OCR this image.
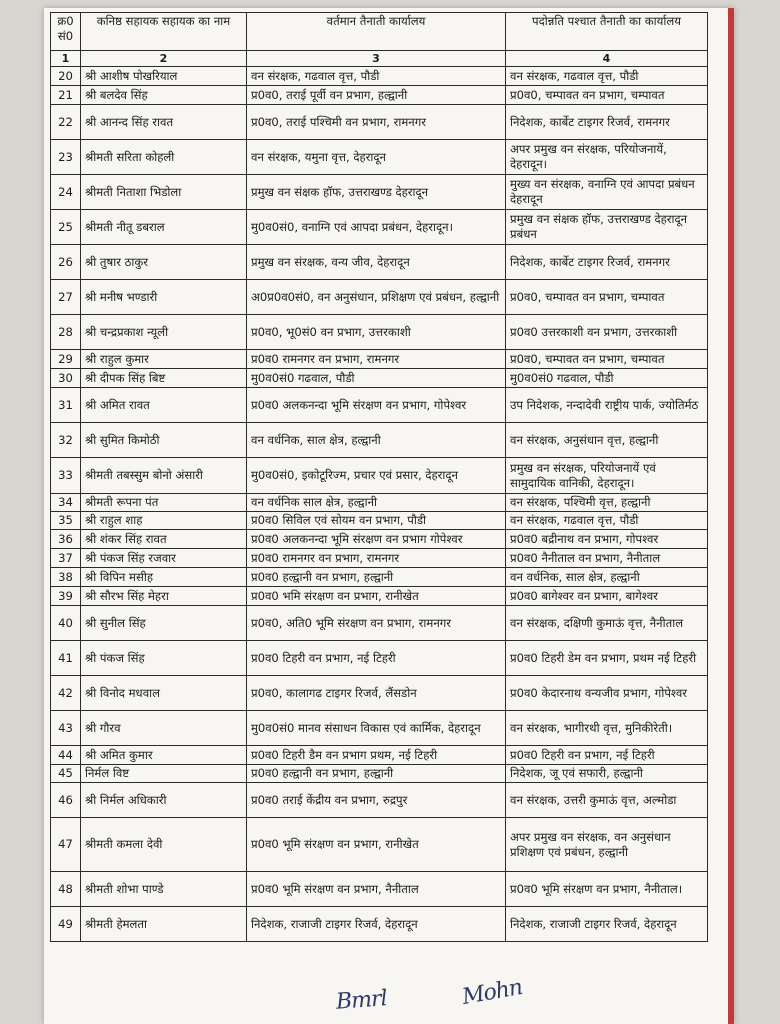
क्र0 सं0	कनिष्ठ सहायक सहायक का नाम	वर्तमान तैनाती कार्यालय	पदोन्नति पश्चात तैनाती का कार्यालय
1	2	3	4
20	श्री आशीष पोखरियाल	वन संरक्षक, गढवाल वृत्त, पौडी	वन संरक्षक, गढवाल वृत्त, पौडी
21	श्री बलदेव सिंह	प्र0व0, तराई पूर्वी वन प्रभाग, हल्द्वानी	प्र0व0, चम्पावत वन प्रभाग, चम्पावत
22	श्री आनन्द सिंह रावत	प्र0व0, तराई पश्चिमी वन प्रभाग, रामनगर	निदेशक, कार्बेट टाइगर रिजर्व, रामनगर
23	श्रीमती सरिता कोहली	वन संरक्षक, यमुना वृत्त, देहरादून	अपर प्रमुख वन संरक्षक, परियोजनायें, देहरादून।
24	श्रीमती निताशा भिडोला	प्रमुख वन संक्षक हॉफ, उत्तराखण्ड देहरादून	मुख्य वन संरक्षक, वनाग्नि एवं आपदा प्रबंधन देहरादून
25	श्रीमती नीतू डबराल	मु0व0सं0, वनाग्नि एवं आपदा प्रबंधन, देहरादून।	प्रमुख वन संक्षक हॉफ, उत्तराखण्ड देहरादून प्रबंधन
26	श्री तुषार ठाकुर	प्रमुख वन संरक्षक, वन्य जीव, देहरादून	निदेशक, कार्बेट टाइगर रिजर्व, रामनगर
27	श्री मनीष भण्डारी	अ0प्र0व0सं0, वन अनुसंधान, प्रशिक्षण एवं प्रबंधन, हल्द्वानी	प्र0व0, चम्पावत वन प्रभाग, चम्पावत
28	श्री चन्द्रप्रकाश न्यूली	प्र0व0, भू0सं0 वन प्रभाग, उत्तरकाशी	प्र0व0 उत्तरकाशी वन प्रभाग, उत्तरकाशी
29	श्री राहुल कुमार	प्र0व0 रामनगर वन प्रभाग, रामनगर	प्र0व0, चम्पावत वन प्रभाग, चम्पावत
30	श्री दीपक सिंह बिष्ट	मु0व0सं0 गढवाल, पौडी	मु0व0सं0 गढवाल, पौडी
31	श्री अमित रावत	प्र0व0 अलकनन्दा भूमि संरक्षण वन प्रभाग, गोपेश्वर	उप निदेशक, नन्दादेवी राष्ट्रीय पार्क, ज्योतिर्मठ
32	श्री सुमित किमोठी	वन वर्धनिक, साल क्षेत्र, हल्द्वानी	वन संरक्षक, अनुसंधान वृत्त, हल्द्वानी
33	श्रीमती तबस्सुम बोनो अंसारी	मु0व0सं0, इकोटूरिज्म, प्रचार एवं प्रसार, देहरादून	प्रमुख वन संरक्षक, परियोजनायें एवं सामुदायिक वानिकी, देहरादून।
34	श्रीमती रूपना पंत	वन वर्धनिक साल क्षेत्र, हल्द्वानी	वन संरक्षक, पश्चिमी वृत्त, हल्द्वानी
35	श्री राहुल शाह	प्र0व0 सिविल एवं सोयम वन प्रभाग, पौडी	वन संरक्षक, गढवाल वृत्त, पौडी
36	श्री शंकर सिंह रावत	प्र0व0 अलकनन्दा भूमि संरक्षण वन प्रभाग गोपेश्वर	प्र0व0 बद्रीनाथ वन प्रभाग, गोपश्वर
37	श्री पंकज सिंह रजवार	प्र0व0 रामनगर वन प्रभाग, रामनगर	प्र0व0 नैनीताल वन प्रभाग, नैनीताल
38	श्री विपिन मसीह	प्र0व0 हल्द्वानी वन प्रभाग, हल्द्वानी	वन वर्धनिक, साल क्षेत्र, हल्द्वानी
39	श्री सौरभ सिंह मेहरा	प्र0व0 भमि संरक्षण वन प्रभाग, रानीखेत	प्र0व0 बागेश्वर वन प्रभाग, बागेश्वर
40	श्री सुनील सिंह	प्र0व0, अति0 भूमि संरक्षण वन प्रभाग, रामनगर	वन संरक्षक, दक्षिणी कुमाऊं वृत्त, नैनीताल
41	श्री पंकज सिंह	प्र0व0 टिहरी वन प्रभाग, नई टिहरी	प्र0व0 टिहरी डेम वन प्रभाग, प्रथम नई टिहरी
42	श्री विनोद मधवाल	प्र0व0, कालागढ टाइगर रिजर्व, लैंसडोन	प्र0व0 केदारनाथ वन्यजीव प्रभाग, गोपेश्वर
43	श्री गौरव	मु0व0सं0 मानव संसाधन विकास एवं कार्मिक, देहरादून	वन संरक्षक, भागीरथी वृत्त, मुनिकीरेती।
44	श्री अमित कुमार	प्र0व0 टिहरी डैम वन प्रभाग प्रथम, नई टिहरी	प्र0व0 टिहरी वन प्रभाग, नई टिहरी
45	निर्मल विष्ट	प्र0व0 हल्द्वानी वन प्रभाग, हल्द्वानी	निदेशक, जू एवं सफारी, हल्द्वानी
46	श्री निर्मल अधिकारी	प्र0व0 तराई केंद्रीय वन प्रभाग, रुद्रपुर	वन संरक्षक, उत्तरी कुमाऊं वृत्त, अल्मोडा
47	श्रीमती कमला देवी	प्र0व0 भूमि संरक्षण वन प्रभाग, रानीखेत	अपर प्रमुख वन संरक्षक, वन अनुसंधान प्रशिक्षण एवं प्रबंधन, हल्द्वानी
48	श्रीमती शोभा पाण्डे	प्र0व0 भूमि संरक्षण वन प्रभाग, नैनीताल	प्र0व0 भूमि संरक्षण वन प्रभाग, नैनीताल।
49	श्रीमती हेमलता	निदेशक, राजाजी टाइगर रिजर्व, देहरादून	निदेशक, राजाजी टाइगर रिजर्व, देहरादून
Bmrl	Mohn
